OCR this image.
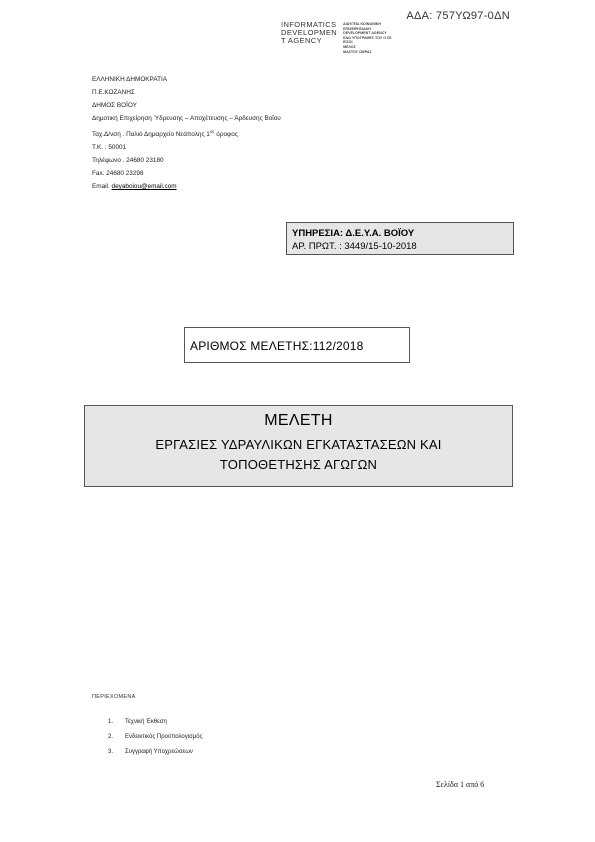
ΑΔΑ: 757ΥΩ97-0ΔΝ
INFORMATICS
DEVELOPMEN
T AGENCY
ΔΙΑΥΓΕΙΑ ΚΟΙΝΩΝΙΚΗ
ΕΠΙΧΕΙΡΗΣΙΑΚΗ
DEVELOPMENT AGENCY
ΕΔΩ ΥΠΟΓΡΑΦΕΣ ΤΟΥ Ο ΣΕ
ΕΙΣΟΙ
ΜΕΛΟΣ
ΜΑΣΤΟΥ ΩΘΡΑΣ
ΕΛΛΗΝΙΚΗ ΔΗΜΟΚΡΑΤΙΑ
Π.Ε.ΚΟΖΑΝΗΣ
ΔΗΜΟΣ ΒΟΪΟΥ
Δημοτική Επιχείρηση Ύδρευσης – Αποχέτευσης – Άρδευσης Βοΐου
Ταχ.Δ/νση . Παλιό Δημαρχείο Νεάπολης $1^{o\varsigma}$ όροφος
Τ.Κ. . 50001
Τηλέφωνο . 24680 23180
Fax. 24680 23298
Email. deyaboiou@email.com
ΥΠΗΡΕΣΙΑ: Δ.Ε.Υ.Α. ΒΟΪΟΥ
ΑΡ. ΠΡΩΤ. : 3449/15-10-2018
ΑΡΙΘΜΟΣ ΜΕΛΕΤΗΣ:112/2018
ΜΕΛΕΤΗ
ΕΡΓΑΣΙΕΣ ΥΔΡΑΥΛΙΚΩΝ ΕΓΚΑΤΑΣΤΑΣΕΩΝ ΚΑΙ
ΤΟΠΟΘΕΤΗΣΗΣ ΑΓΩΓΩΝ
ΠΕΡΙΕΧΟΜΕΝΑ
1. Τεχνική Έκθεση
2. Ενδεικτικός Προϋπολογισμός
3. Συγγραφή Υποχρεώσεων
Σελίδα 1 από 6
